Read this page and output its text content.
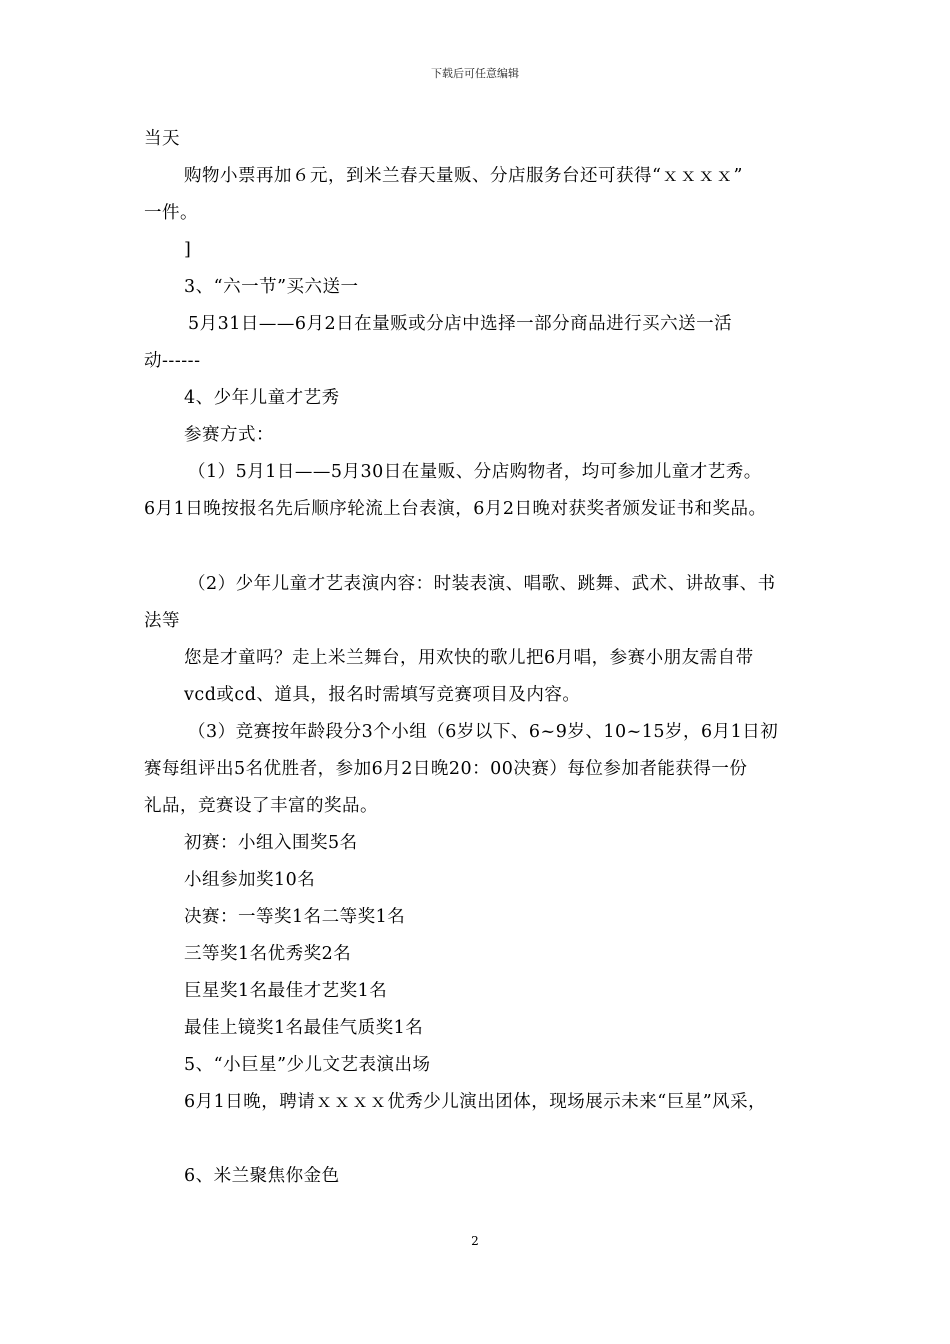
下载后可任意编辑
当天
购物小票再加６元，到米兰春天量贩、分店服务台还可获得“ｘｘｘｘ”
一件。
]
3、“六一节”买六送一
5月31日——6月2日在量贩或分店中选择一部分商品进行买六送一活
动------
4、少年儿童才艺秀
参赛方式：
（1）5月1日——5月30日在量贩、分店购物者，均可参加儿童才艺秀。
6月1日晚按报名先后顺序轮流上台表演，6月2日晚对获奖者颁发证书和奖品。
（2）少年儿童才艺表演内容：时装表演、唱歌、跳舞、武术、讲故事、书
法等
您是才童吗？走上米兰舞台，用欢快的歌儿把6月唱，参赛小朋友需自带
vcd或cd、道具，报名时需填写竞赛项目及内容。
（3）竞赛按年龄段分3个小组（6岁以下、6~9岁、10~15岁，6月1日初
赛每组评出5名优胜者，参加6月2日晚20：00决赛）每位参加者能获得一份
礼品，竞赛设了丰富的奖品。
初赛：小组入围奖5名
小组参加奖10名
决赛：一等奖1名二等奖1名
三等奖1名优秀奖2名
巨星奖1名最佳才艺奖1名
最佳上镜奖1名最佳气质奖1名
5、“小巨星”少儿文艺表演出场
6月1日晚，聘请ｘｘｘｘ优秀少儿演出团体，现场展示未来“巨星”风采，
6、米兰聚焦你金色
2
